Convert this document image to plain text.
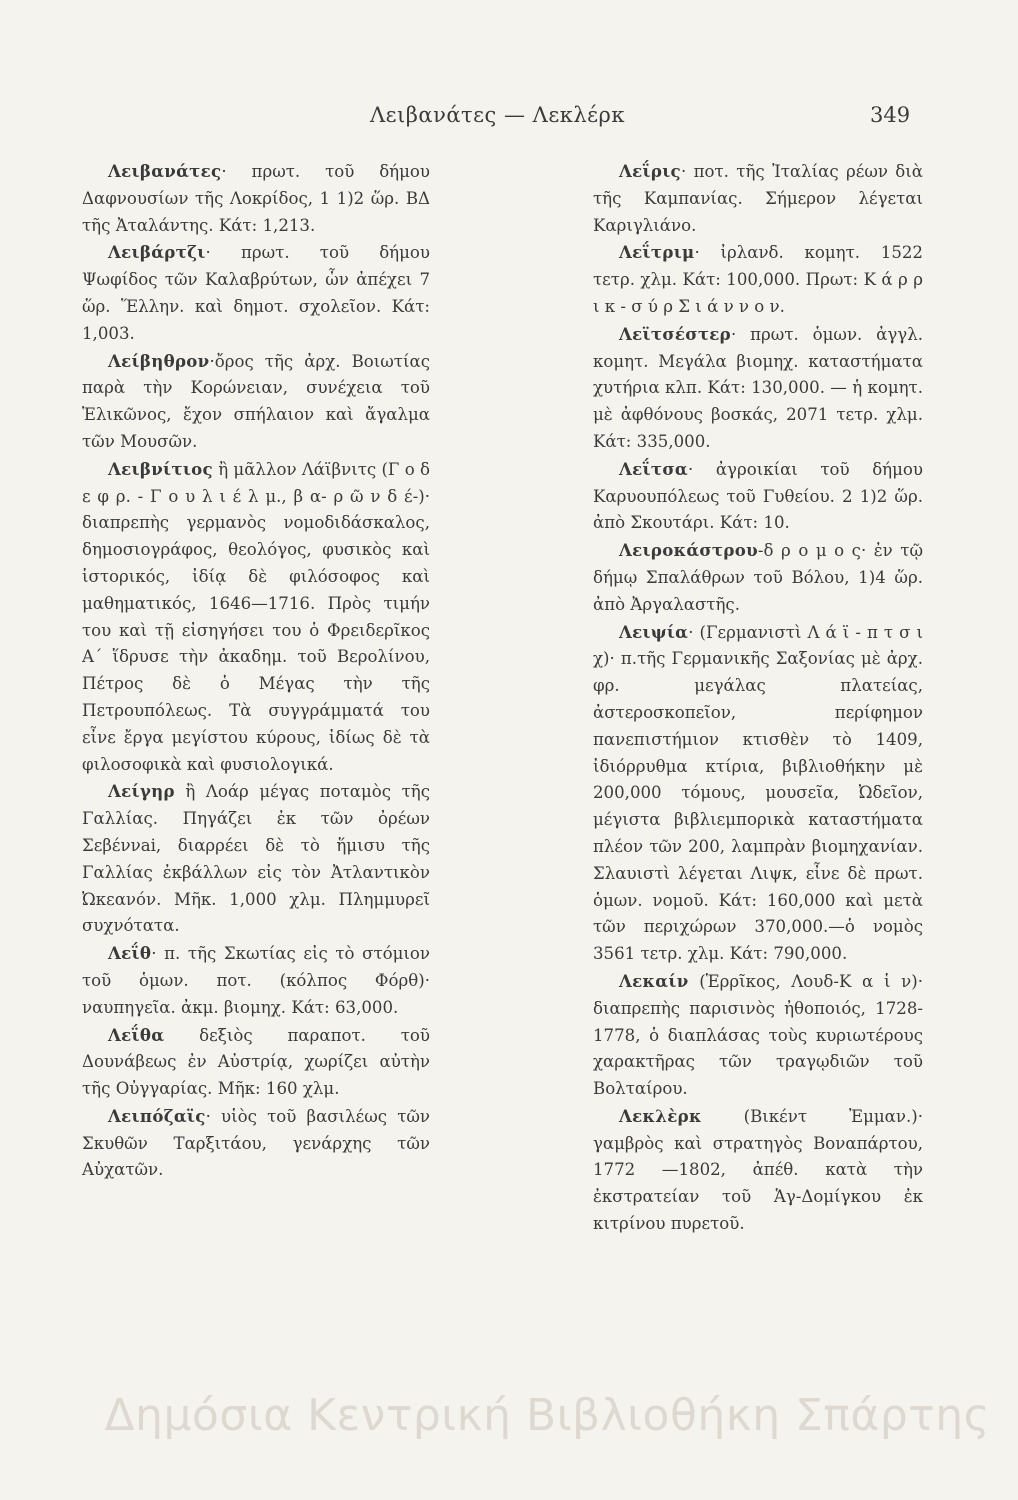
Λειβανάτες — Λεκλέρκ	349

Λειβανάτες· πρωτ. τοῦ δήμου Δαφνουσίων τῆς Λοκρίδος, 1 1)2 ὥρ. ΒΔ τῆς Ἀταλάντης. Κάτ: 1,213.

Λειβάρτζι· πρωτ. τοῦ δήμου Ψωφίδος τῶν Καλαβρύτων, ὧν ἀπέχει 7 ὥρ. Ἕλλην. καὶ δημοτ. σχολεῖον. Κάτ: 1,003.

Λείβηθρον·ὄρος τῆς ἀρχ. Βοιωτίας παρὰ τὴν Κορώνειαν, συνέχεια τοῦ Ἑλικῶνος, ἔχον σπήλαιον καὶ ἄγαλμα τῶν Μουσῶν.

Λειβνίτιος ἢ μᾶλλον Λάϊβνιτς (Γ ο δ ε φ ρ. - Γ ο υ λ ι έ λ μ., β α- ρ ῶ ν δ έ-)· διαπρεπὴς γερμανὸς νομοδιδάσκαλος, δημοσιογράφος, θεολόγος, φυσικὸς καὶ ἱστορικός, ἰδίᾳ δὲ φιλόσοφος καὶ μαθηματικός, 1646—1716. Πρὸς τιμήν του καὶ τῇ εἰσηγήσει του ὁ Φρειδερῖκος Α΄ ἵδρυσε τὴν ἀκαδημ. τοῦ Βερολίνου, Πέτρος δὲ ὁ Μέγας τὴν τῆς Πετρουπόλεως. Τὰ συγγράμματά του εἶνε ἔργα μεγίστου κύρους, ἰδίως δὲ τὰ φιλοσοφικὰ καὶ φυσιολογικά.

Λείγηρ ἢ Λοάρ μέγας ποταμὸς τῆς Γαλλίας. Πηγάζει ἐκ τῶν ὀρέων Σεβέννai, διαρρέει δὲ τὸ ἥμισυ τῆς Γαλλίας ἐκβάλλων εἰς τὸν Ἀτλαντικὸν Ὠκεανόν. Μῆκ. 1,000 χλμ. Πλημμυρεῖ συχνότατα.

Λεΐθ· π. τῆς Σκωτίας εἰς τὸ στόμιον τοῦ ὁμων. ποτ. (κόλπος Φόρθ)· ναυπηγεῖα. ἀκμ. βιομηχ. Κάτ: 63,000.

Λεΐθα δεξιὸς παραποτ. τοῦ Δουνάβεως ἐν Αὐστρίᾳ, χωρίζει αὐτὴν τῆς Οὐγγαρίας. Μῆκ: 160 χλμ.

Λειπόζαϊς· υἱὸς τοῦ βασιλέως τῶν Σκυθῶν Ταρξιτάου, γενάρχης τῶν Αὐχατῶν.

Λεΐρις· ποτ. τῆς Ἰταλίας ρέων διὰ τῆς Καμπανίας. Σήμερον λέγεται Καριγλιάνο.

Λεΐτριμ· ἰρλανδ. κομητ. 1522 τετρ. χλμ. Κάτ: 100,000. Πρωτ: Κ ά ρ ρ ι κ - σ ύ ρ Σ ι ά ν ν ο ν.

Λεϊτσέστερ· πρωτ. ὁμων. ἀγγλ. κομητ. Μεγάλα βιομηχ. καταστήματα χυτήρια κλπ. Κάτ: 130,000. — ἡ κομητ. μὲ ἀφθόνους βοσκάς, 2071 τετρ. χλμ. Κάτ: 335,000.

Λεΐτσα· ἀγροικίαι τοῦ δήμου Καρυουπόλεως τοῦ Γυθείου. 2 1)2 ὥρ. ἀπὸ Σκουτάρι. Κάτ: 10.

Λειροκάστρου-δ ρ ο μ ο ς· ἐν τῷ δήμῳ Σπαλάθρων τοῦ Βόλου, 1)4 ὥρ. ἀπὸ Ἀργαλαστῆς.

Λειψία· (Γερμανιστὶ Λ ά ϊ - π τ σ ι χ)· π.τῆς Γερμανικῆς Σαξονίας μὲ ἀρχ. φρ. μεγάλας πλατείας, ἀστεροσκοπεῖον, περίφημον πανεπιστήμιον κτισθὲν τὸ 1409, ἰδιόρρυθμα κτίρια, βιβλιοθήκην μὲ 200,000 τόμους, μουσεῖα, Ὠδεῖον, μέγιστα βιβλιεμπορικὰ καταστήματα πλέον τῶν 200, λαμπρὰν βιομηχανίαν. Σλαυιστὶ λέγεται Λιψκ, εἶνε δὲ πρωτ. ὁμων. νομοῦ. Κάτ: 160,000 καὶ μετὰ τῶν περιχώρων 370,000.—ὁ νομὸς 3561 τετρ. χλμ. Κάτ: 790,000.

Λεκαίν (Ἑρρῖκος, Λουδ-Κ α ἱ ν)· διαπρεπὴς παρισινὸς ἠθοποιός, 1728-1778, ὁ διαπλάσας τοὺς κυριωτέρους χαρακτῆρας τῶν τραγῳδιῶν τοῦ Βολταίρου.

Λεκλὲρκ (Βικέντ Ἐμμαν.)· γαμβρὸς καὶ στρατηγὸς Βοναπάρτου, 1772 —1802, ἀπέθ. κατὰ τὴν ἐκστρατείαν τοῦ Ἁγ-Δομίγκου ἐκ κιτρίνου πυρετοῦ.

Δημόσια Κεντρική Βιβλιοθήκη Σπάρτης
